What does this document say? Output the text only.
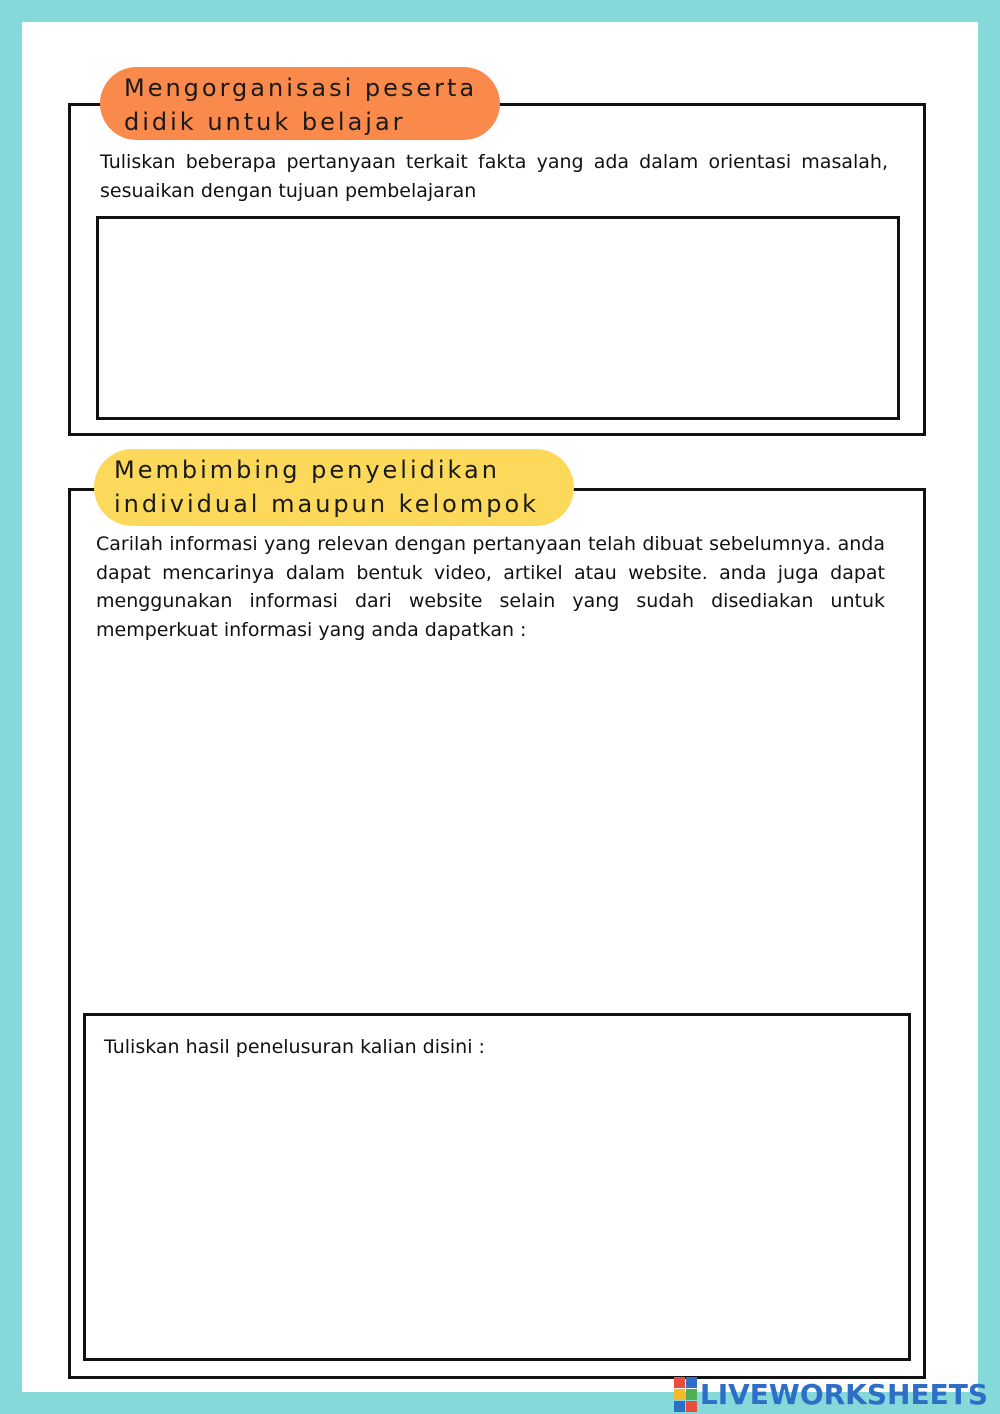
Mengorganisasi peserta
didik untuk belajar
Tuliskan beberapa pertanyaan terkait fakta yang ada dalam orientasi masalah, sesuaikan dengan tujuan pembelajaran
Membimbing penyelidikan
individual maupun kelompok
Carilah informasi yang relevan dengan pertanyaan telah dibuat sebelumnya. anda dapat mencarinya dalam bentuk video, artikel atau website. anda juga dapat menggunakan informasi dari website selain yang sudah disediakan untuk memperkuat informasi yang anda dapatkan :
Tuliskan hasil penelusuran kalian disini :
LIVEWORKSHEETS
